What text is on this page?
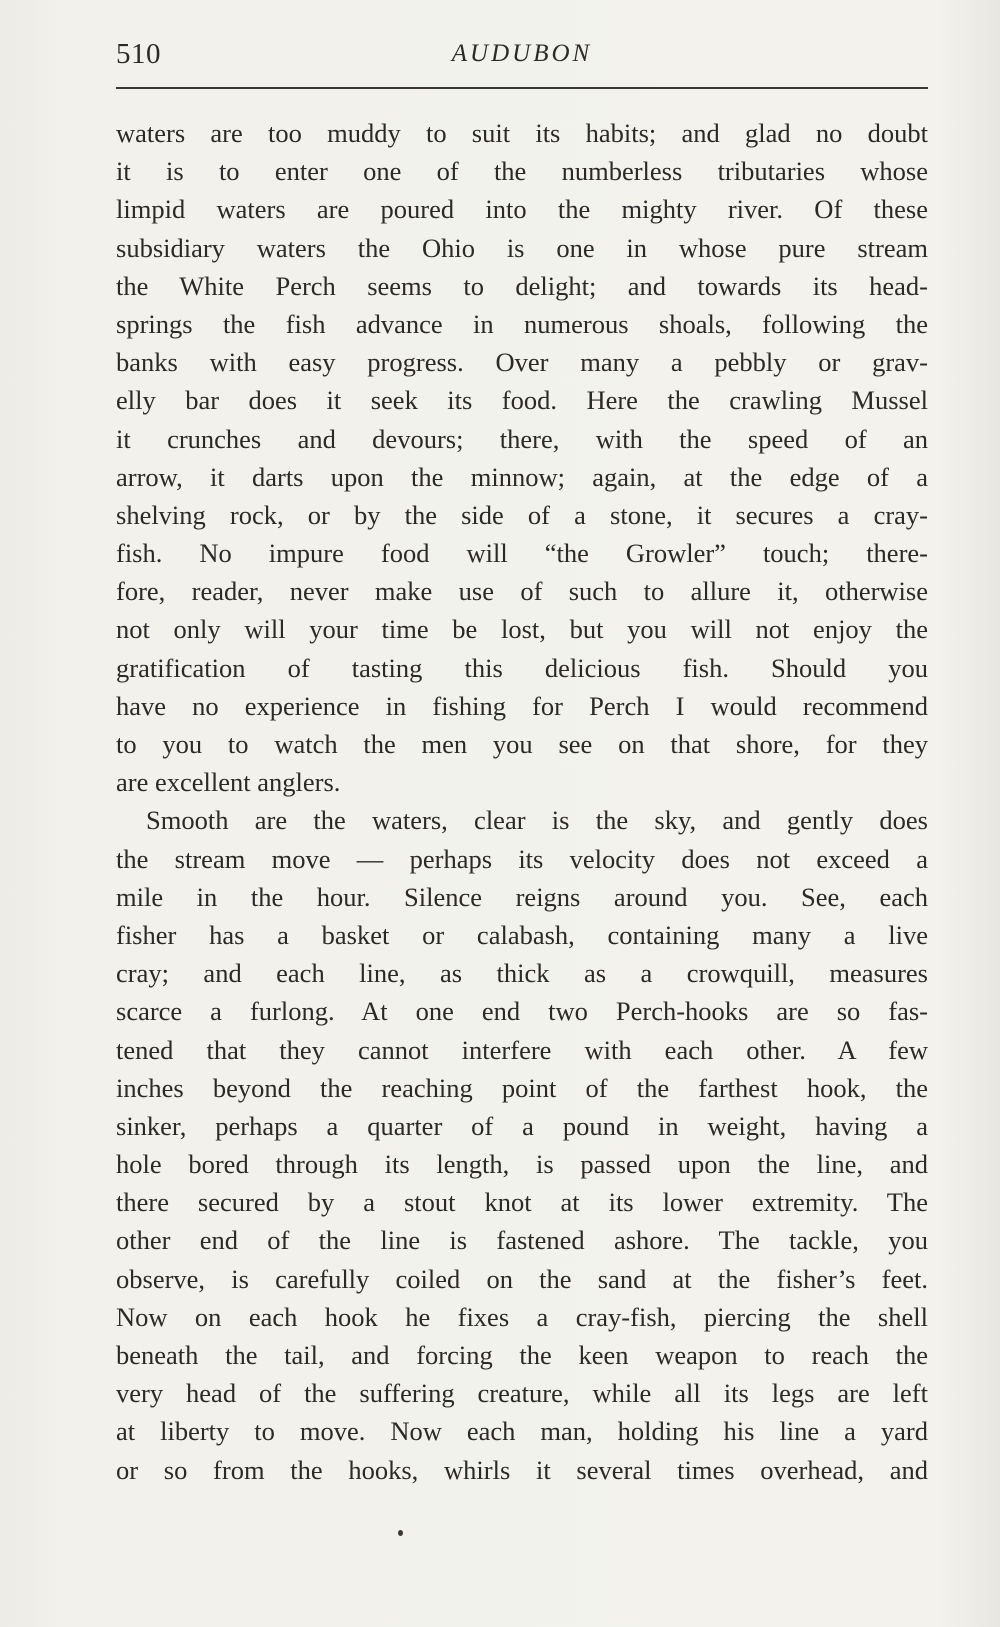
510	AUDUBON
waters are too muddy to suit its habits; and glad no doubt
it is to enter one of the numberless tributaries whose
limpid waters are poured into the mighty river. Of these
subsidiary waters the Ohio is one in whose pure stream
the White Perch seems to delight; and towards its head-
springs the fish advance in numerous shoals, following the
banks with easy progress. Over many a pebbly or grav-
elly bar does it seek its food. Here the crawling Mussel
it crunches and devours; there, with the speed of an
arrow, it darts upon the minnow; again, at the edge of a
shelving rock, or by the side of a stone, it secures a cray-
fish. No impure food will “the Growler” touch; there-
fore, reader, never make use of such to allure it, otherwise
not only will your time be lost, but you will not enjoy the
gratification of tasting this delicious fish. Should you
have no experience in fishing for Perch I would recommend
to you to watch the men you see on that shore, for they
are excellent anglers.
Smooth are the waters, clear is the sky, and gently does
the stream move — perhaps its velocity does not exceed a
mile in the hour. Silence reigns around you. See, each
fisher has a basket or calabash, containing many a live
cray; and each line, as thick as a crowquill, measures
scarce a furlong. At one end two Perch-hooks are so fas-
tened that they cannot interfere with each other. A few
inches beyond the reaching point of the farthest hook, the
sinker, perhaps a quarter of a pound in weight, having a
hole bored through its length, is passed upon the line, and
there secured by a stout knot at its lower extremity. The
other end of the line is fastened ashore. The tackle, you
observe, is carefully coiled on the sand at the fisher’s feet.
Now on each hook he fixes a cray-fish, piercing the shell
beneath the tail, and forcing the keen weapon to reach the
very head of the suffering creature, while all its legs are left
at liberty to move. Now each man, holding his line a yard
or so from the hooks, whirls it several times overhead, and
